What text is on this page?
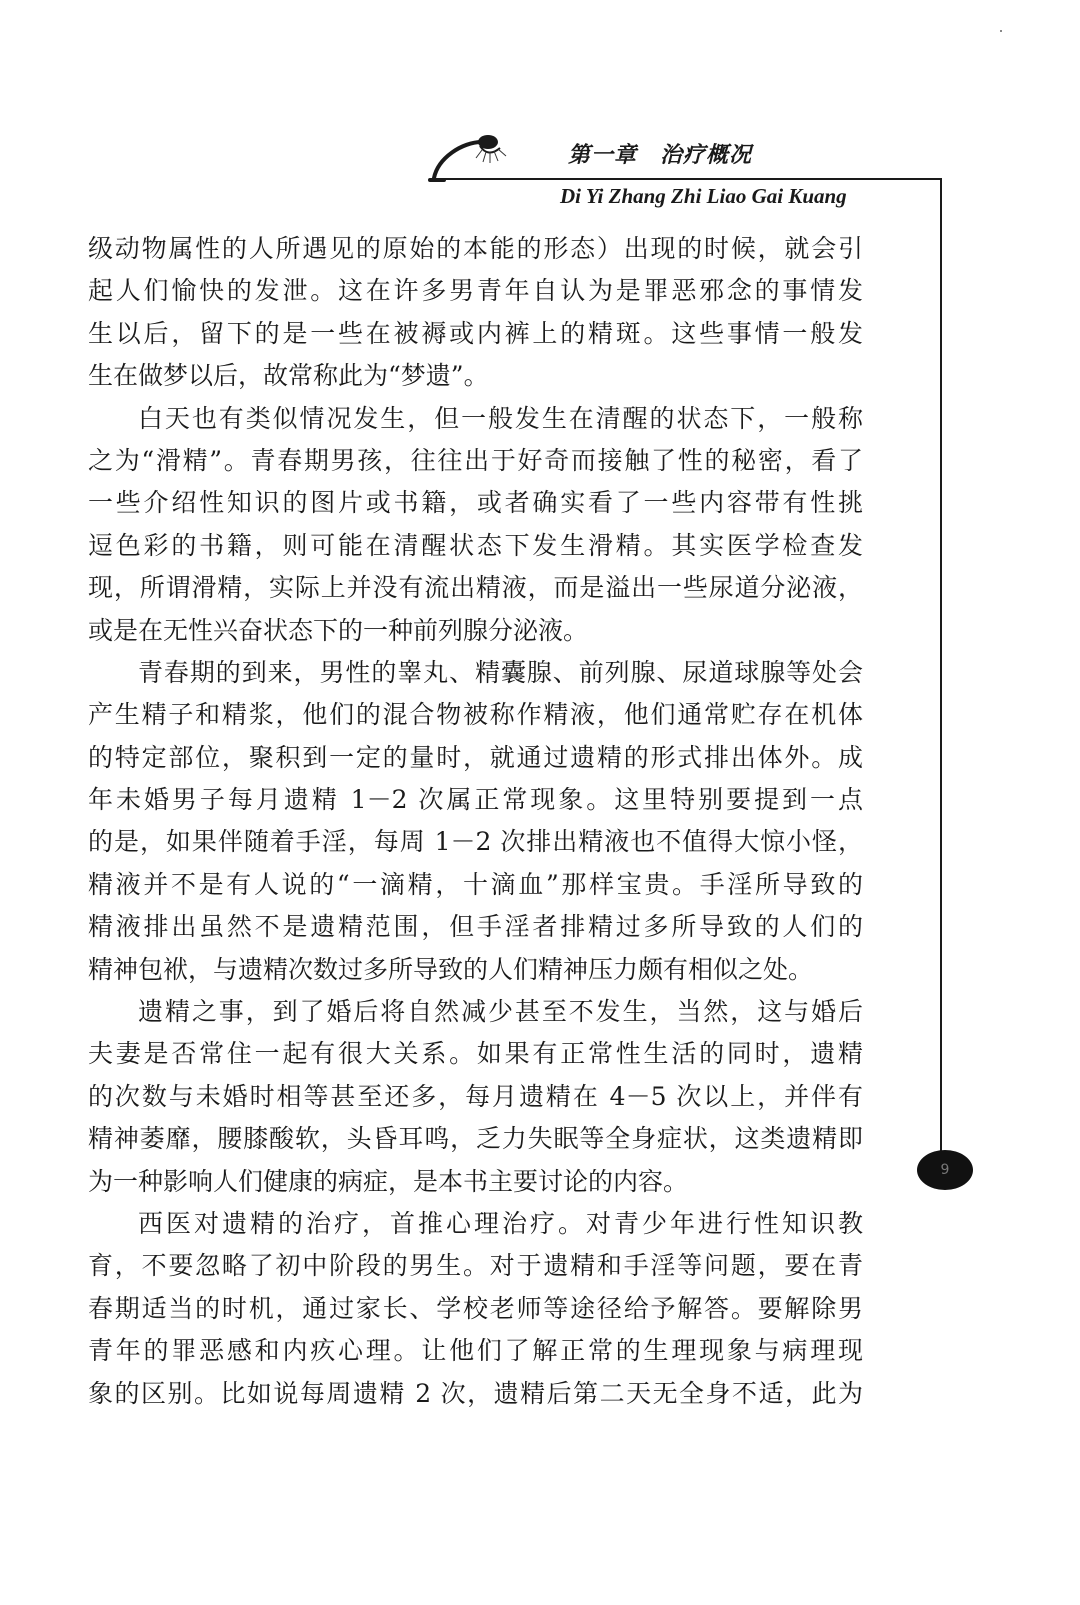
第一章　治疗概况
Di Yi Zhang Zhi Liao Gai Kuang
9
级动物属性的人所遇见的原始的本能的形态）出现的时候，就会引
起人们愉快的发泄。这在许多男青年自认为是罪恶邪念的事情发
生以后，留下的是一些在被褥或内裤上的精斑。这些事情一般发
生在做梦以后，故常称此为“梦遗”。
白天也有类似情况发生，但一般发生在清醒的状态下，一般称
之为“滑精”。青春期男孩，往往出于好奇而接触了性的秘密，看了
一些介绍性知识的图片或书籍，或者确实看了一些内容带有性挑
逗色彩的书籍，则可能在清醒状态下发生滑精。其实医学检查发
现，所谓滑精，实际上并没有流出精液，而是溢出一些尿道分泌液，
或是在无性兴奋状态下的一种前列腺分泌液。
青春期的到来，男性的睾丸、精囊腺、前列腺、尿道球腺等处会
产生精子和精浆，他们的混合物被称作精液，他们通常贮存在机体
的特定部位，聚积到一定的量时，就通过遗精的形式排出体外。成
年未婚男子每月遗精 1－2 次属正常现象。这里特别要提到一点
的是，如果伴随着手淫，每周 1－2 次排出精液也不值得大惊小怪，
精液并不是有人说的“一滴精，十滴血”那样宝贵。手淫所导致的
精液排出虽然不是遗精范围，但手淫者排精过多所导致的人们的
精神包袱，与遗精次数过多所导致的人们精神压力颇有相似之处。
遗精之事，到了婚后将自然减少甚至不发生，当然，这与婚后
夫妻是否常住一起有很大关系。如果有正常性生活的同时，遗精
的次数与未婚时相等甚至还多，每月遗精在 4－5 次以上，并伴有
精神萎靡，腰膝酸软，头昏耳鸣，乏力失眠等全身症状，这类遗精即
为一种影响人们健康的病症，是本书主要讨论的内容。
西医对遗精的治疗，首推心理治疗。对青少年进行性知识教
育，不要忽略了初中阶段的男生。对于遗精和手淫等问题，要在青
春期适当的时机，通过家长、学校老师等途径给予解答。要解除男
青年的罪恶感和内疚心理。让他们了解正常的生理现象与病理现
象的区别。比如说每周遗精 2 次，遗精后第二天无全身不适，此为
